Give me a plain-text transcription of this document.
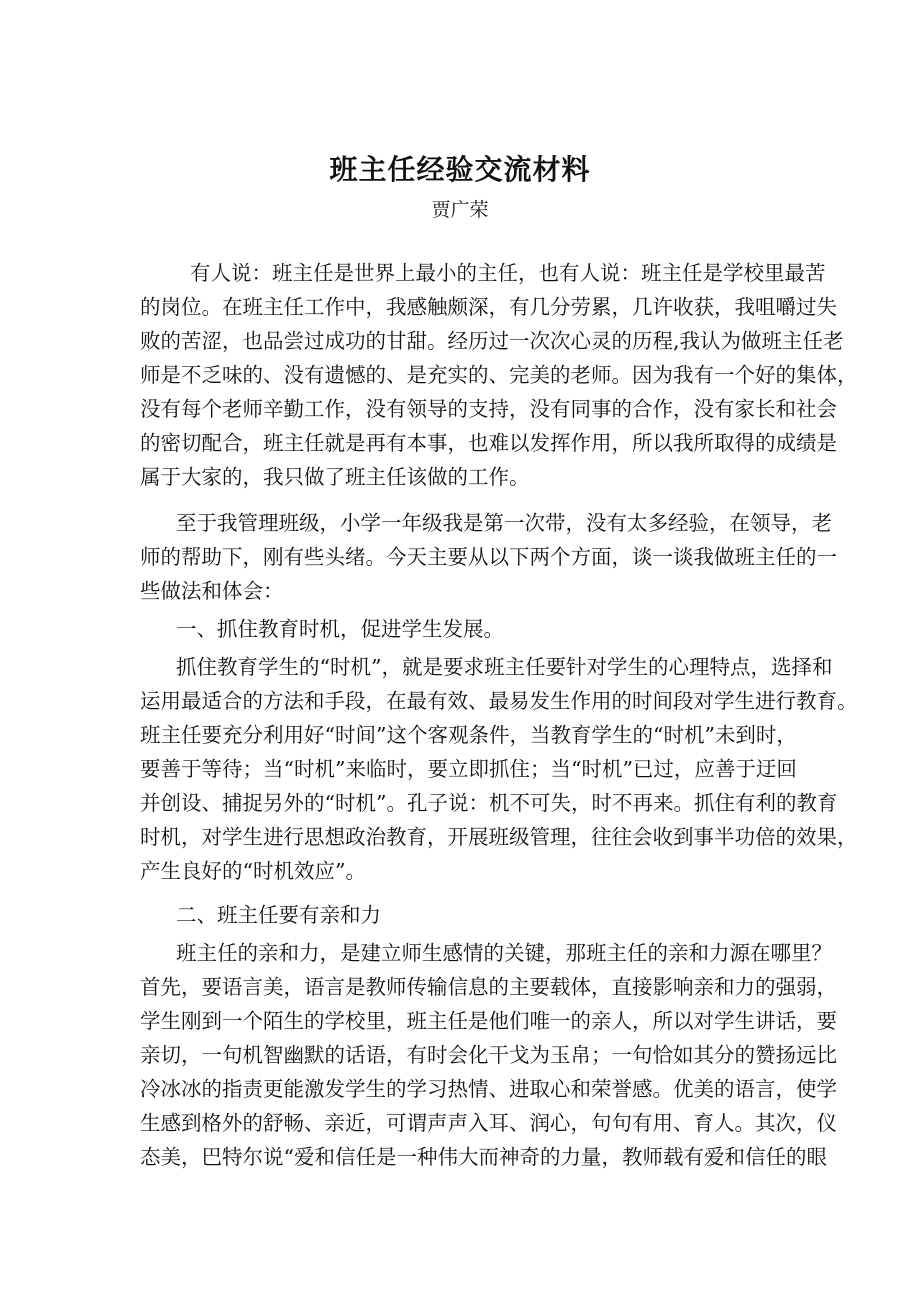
班主任经验交流材料
贾广荣
有人说：班主任是世界上最小的主任，也有人说：班主任是学校里最苦
的岗位。在班主任工作中，我感触颇深，有几分劳累，几许收获，我咀嚼过失
败的苦涩，也品尝过成功的甘甜。经历过一次次心灵的历程,我认为做班主任老
师是不乏味的、没有遗憾的、是充实的、完美的老师。因为我有一个好的集体，
没有每个老师辛勤工作，没有领导的支持，没有同事的合作，没有家长和社会
的密切配合，班主任就是再有本事，也难以发挥作用，所以我所取得的成绩是
属于大家的，我只做了班主任该做的工作。
至于我管理班级，小学一年级我是第一次带，没有太多经验，在领导，老
师的帮助下，刚有些头绪。今天主要从以下两个方面，谈一谈我做班主任的一
些做法和体会：
一、抓住教育时机，促进学生发展。
抓住教育学生的“时机”，就是要求班主任要针对学生的心理特点，选择和
运用最适合的方法和手段，在最有效、最易发生作用的时间段对学生进行教育。
班主任要充分利用好“时间”这个客观条件，当教育学生的“时机”未到时，
要善于等待；当“时机”来临时，要立即抓住；当“时机”已过，应善于迂回
并创设、捕捉另外的“时机”。孔子说：机不可失，时不再来。抓住有利的教育
时机，对学生进行思想政治教育，开展班级管理，往往会收到事半功倍的效果，
产生良好的“时机效应”。
二、班主任要有亲和力
班主任的亲和力，是建立师生感情的关键，那班主任的亲和力源在哪里？
首先，要语言美，语言是教师传输信息的主要载体，直接影响亲和力的强弱，
学生刚到一个陌生的学校里，班主任是他们唯一的亲人，所以对学生讲话，要
亲切，一句机智幽默的话语，有时会化干戈为玉帛；一句恰如其分的赞扬远比
冷冰冰的指责更能激发学生的学习热情、进取心和荣誉感。优美的语言，使学
生感到格外的舒畅、亲近，可谓声声入耳、润心，句句有用、育人。其次，仪
态美，巴特尔说“爱和信任是一种伟大而神奇的力量，教师载有爱和信任的眼
